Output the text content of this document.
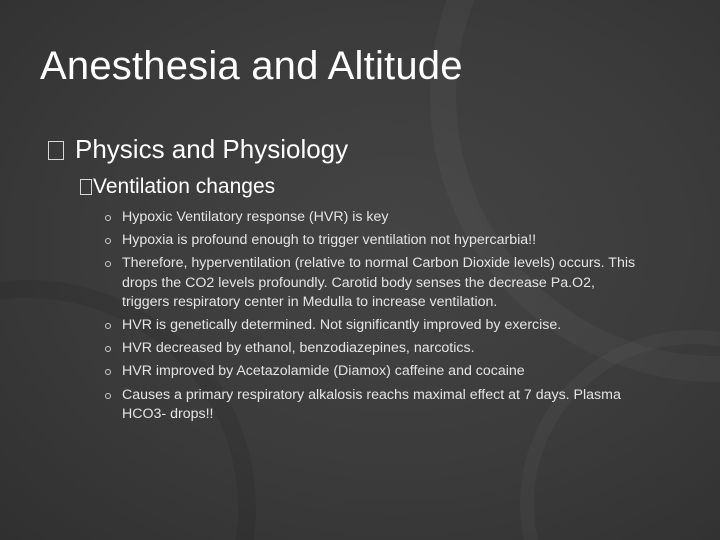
Anesthesia and Altitude
Physics and Physiology
Ventilation changes
Hypoxic Ventilatory response (HVR) is key
Hypoxia is profound enough to trigger ventilation not hypercarbia!!
Therefore, hyperventilation (relative to normal Carbon Dioxide levels) occurs. This drops the CO2 levels profoundly. Carotid body senses the decrease Pa.O2, triggers respiratory center in Medulla to increase ventilation.
HVR is genetically determined. Not significantly improved by exercise.
HVR decreased by ethanol, benzodiazepines, narcotics.
HVR improved by Acetazolamide (Diamox) caffeine and cocaine
Causes a primary respiratory alkalosis reachs maximal effect at 7 days. Plasma HCO3- drops!!
